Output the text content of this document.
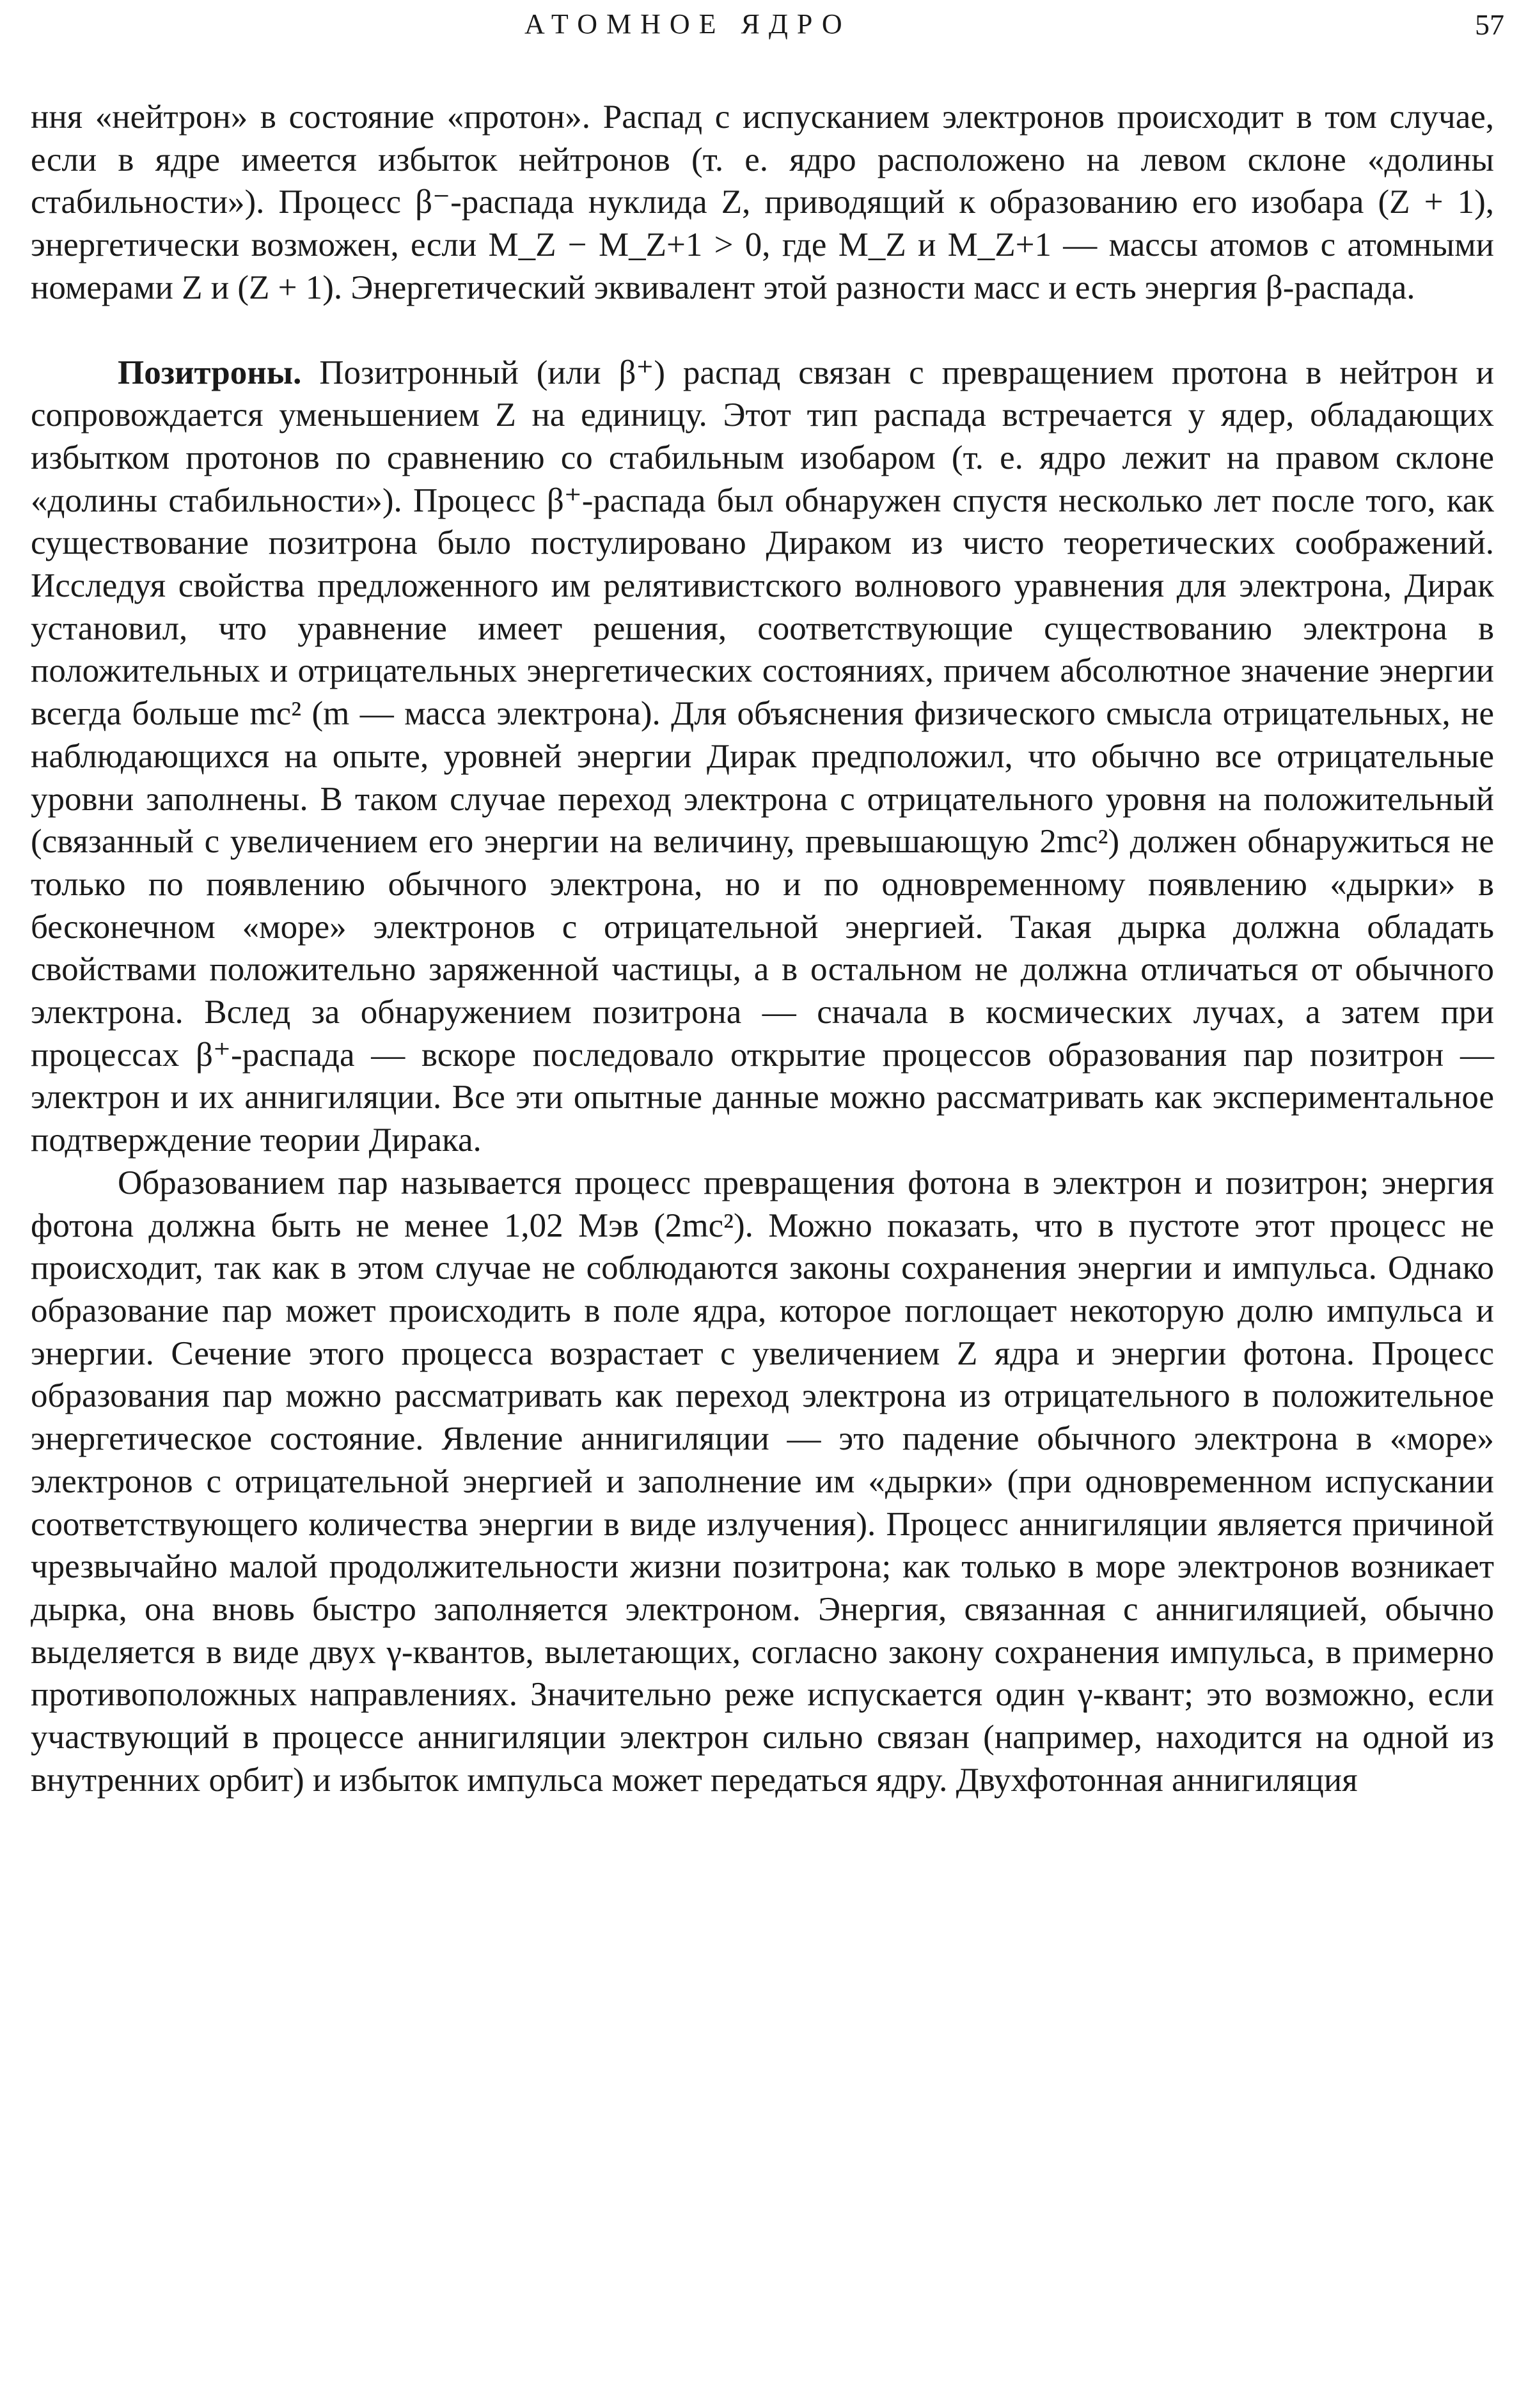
АТОМНОЕ ЯДРО	57

ння «нейтрон» в состояние «протон». Распад с испусканием электронов происходит в том случае, если в ядре имеется избыток нейтронов (т. е. ядро расположено на левом склоне «долины стабильности»). Процесс β⁻-распада нуклида Z, приводящий к образованию его изобара (Z + 1), энергетически возможен, если M_Z − M_Z+1 > 0, где M_Z и M_Z+1 — массы атомов с атомными номерами Z и (Z + 1). Энергетический эквивалент этой разности масс и есть энергия β-распада.

Позитроны. Позитронный (или β⁺) распад связан с превращением протона в нейтрон и сопровождается уменьшением Z на единицу. Этот тип распада встречается у ядер, обладающих избытком протонов по сравнению со стабильным изобаром (т. е. ядро лежит на правом склоне «долины стабильности»). Процесс β⁺-распада был обнаружен спустя несколько лет после того, как существование позитрона было постулировано Дираком из чисто теоретических соображений. Исследуя свойства предложенного им релятивистского волнового уравнения для электрона, Дирак установил, что уравнение имеет решения, соответствующие существованию электрона в положительных и отрицательных энергетических состояниях, причем абсолютное значение энергии всегда больше mc² (m — масса электрона). Для объяснения физического смысла отрицательных, не наблюдающихся на опыте, уровней энергии Дирак предположил, что обычно все отрицательные уровни заполнены. В таком случае переход электрона с отрицательного уровня на положительный (связанный с увеличением его энергии на величину, превышающую 2mc²) должен обнаружиться не только по появлению обычного электрона, но и по одновременному появлению «дырки» в бесконечном «море» электронов с отрицательной энергией. Такая дырка должна обладать свойствами положительно заряженной частицы, а в остальном не должна отличаться от обычного электрона. Вслед за обнаружением позитрона — сначала в космических лучах, а затем при процессах β⁺-распада — вскоре последовало открытие процессов образования пар позитрон — электрон и их аннигиляции. Все эти опытные данные можно рассматривать как экспериментальное подтверждение теории Дирака.

Образованием пар называется процесс превращения фотона в электрон и позитрон; энергия фотона должна быть не менее 1,02 Мэв (2mc²). Можно показать, что в пустоте этот процесс не происходит, так как в этом случае не соблюдаются законы сохранения энергии и импульса. Однако образование пар может происходить в поле ядра, которое поглощает некоторую долю импульса и энергии. Сечение этого процесса возрастает с увеличением Z ядра и энергии фотона. Процесс образования пар можно рассматривать как переход электрона из отрицательного в положительное энергетическое состояние. Явление аннигиляции — это падение обычного электрона в «море» электронов с отрицательной энергией и заполнение им «дырки» (при одновременном испускании соответствующего количества энергии в виде излучения). Процесс аннигиляции является причиной чрезвычайно малой продолжительности жизни позитрона; как только в море электронов возникает дырка, она вновь быстро заполняется электроном. Энергия, связанная с аннигиляцией, обычно выделяется в виде двух γ-квантов, вылетающих, согласно закону сохранения импульса, в примерно противоположных направлениях. Значительно реже испускается один γ-квант; это возможно, если участвующий в процессе аннигиляции электрон сильно связан (например, находится на одной из внутренних орбит) и избыток импульса может передаться ядру. Двухфотонная аннигиляция
